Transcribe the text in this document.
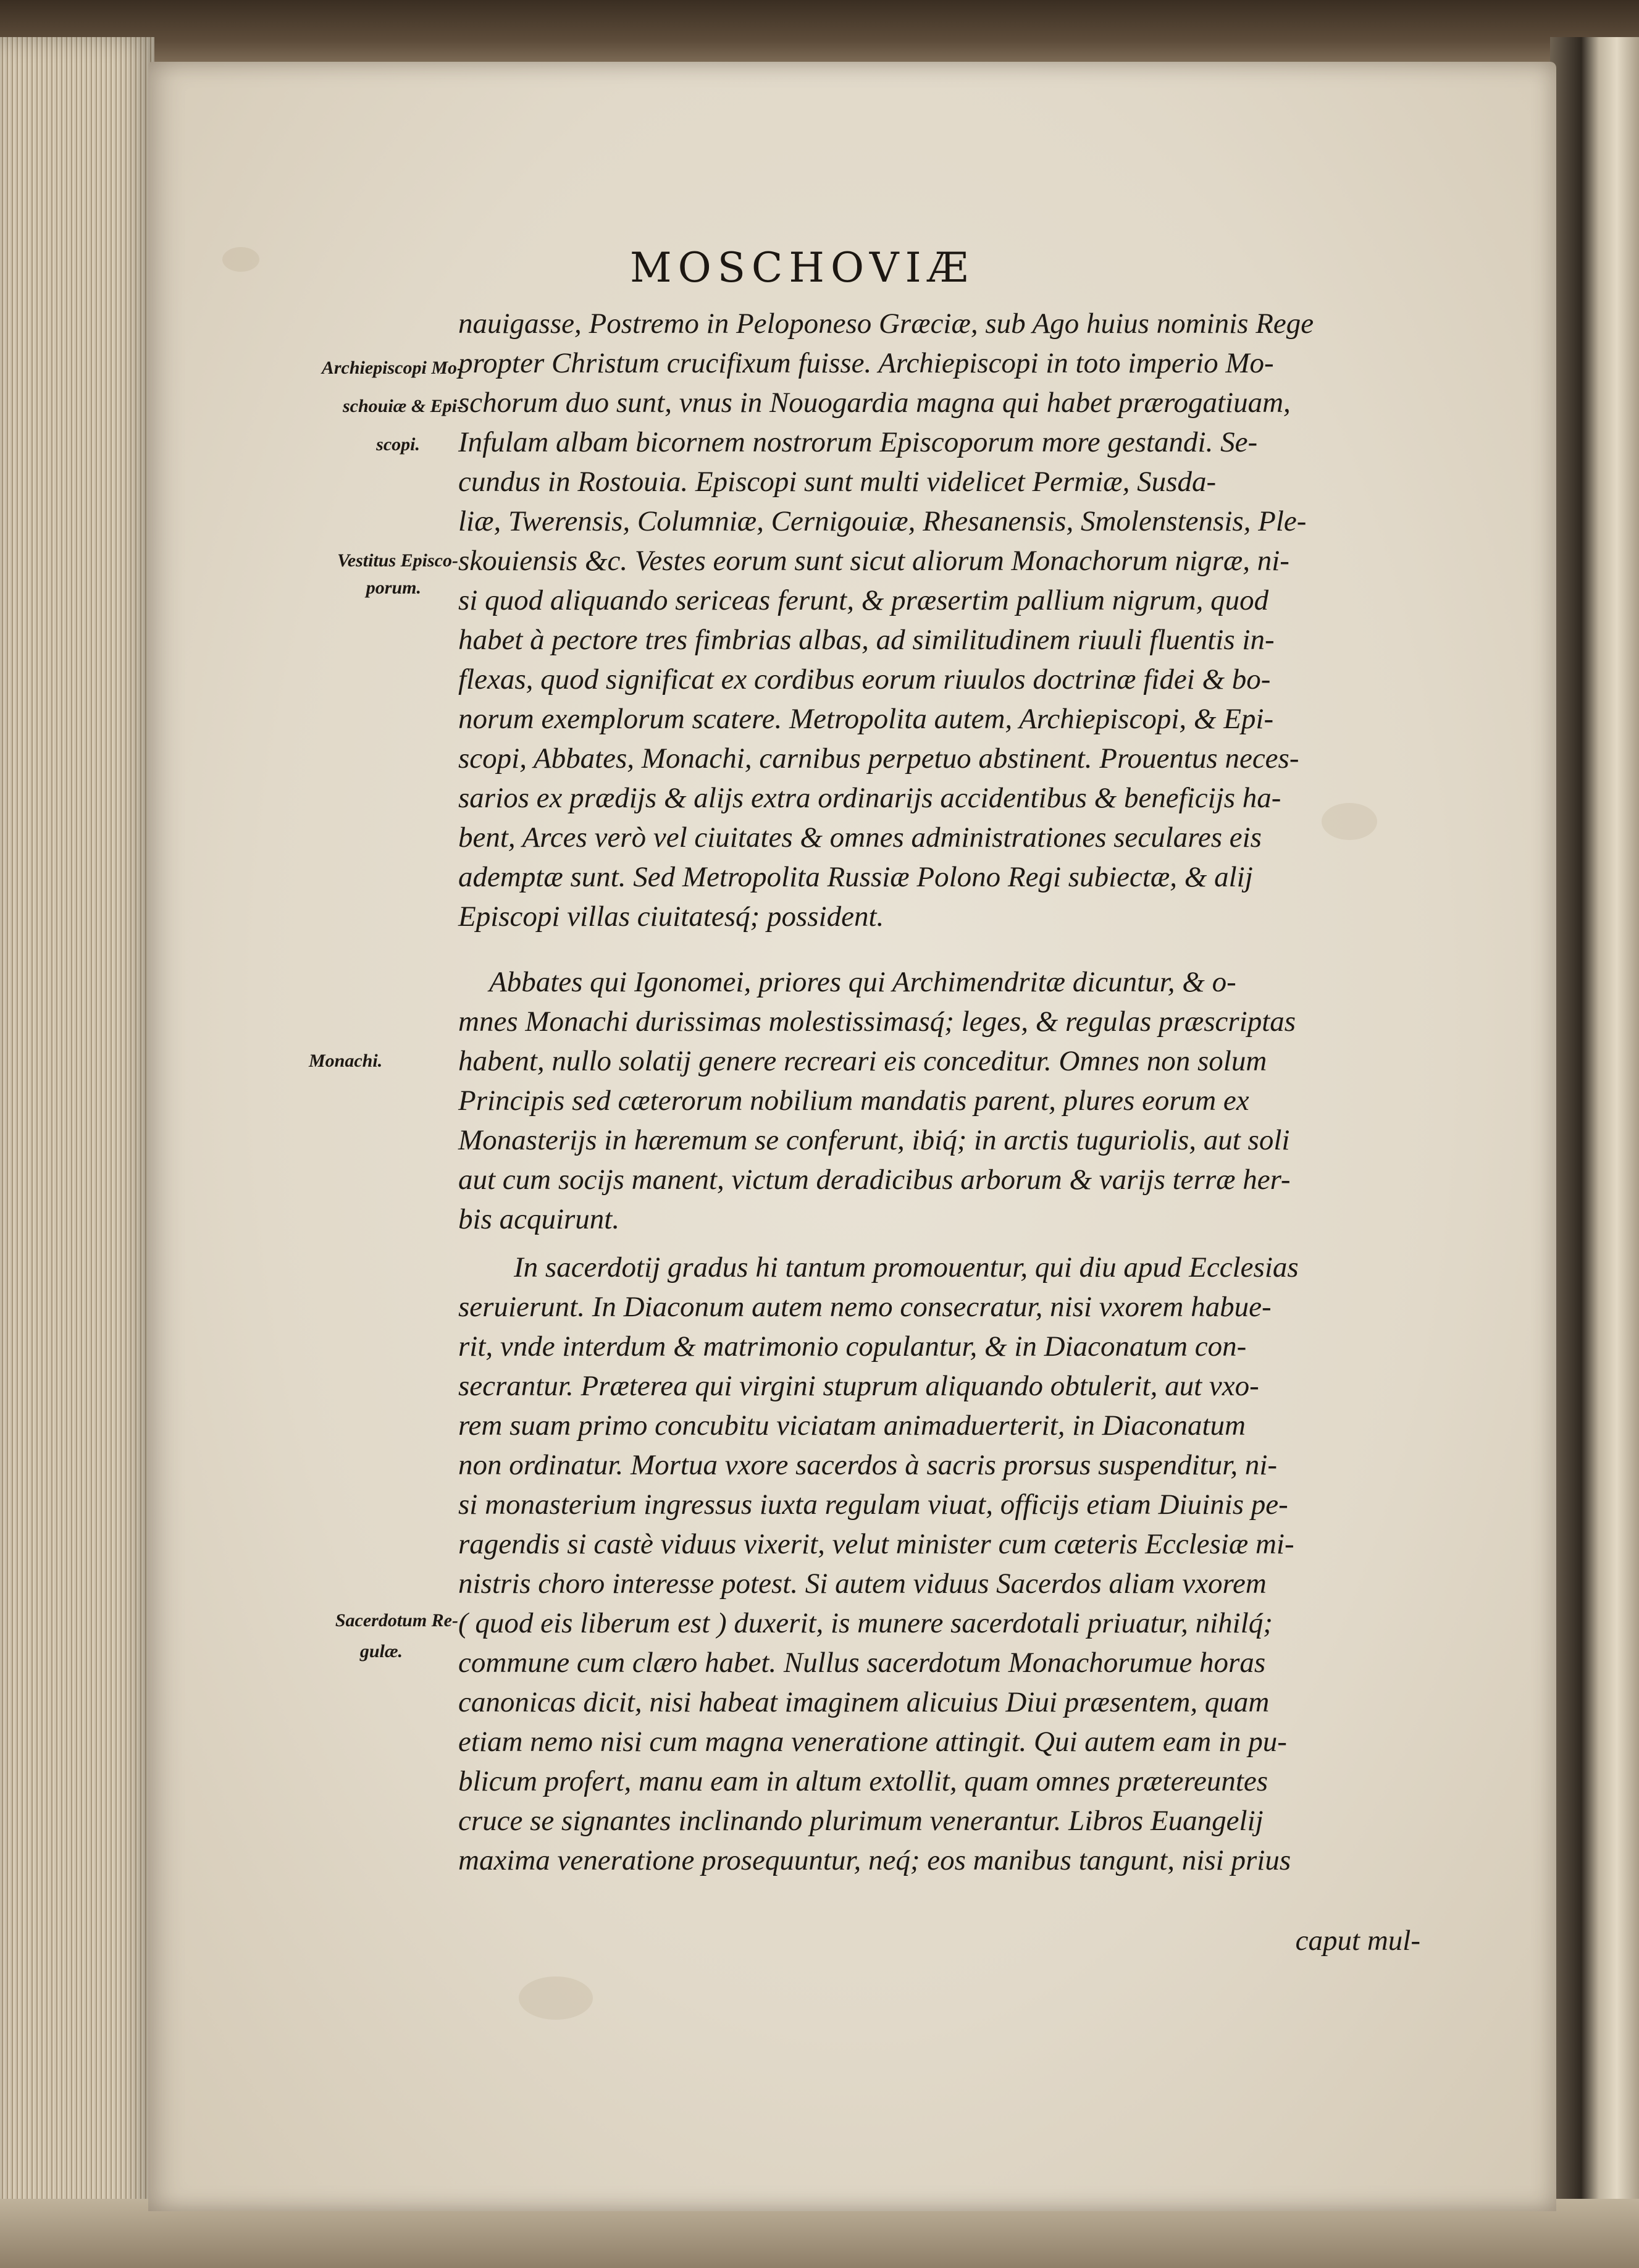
MOSCHOVIÆ
Archiepiscopi Mo-
schouiæ & Epi-
scopi.
Vestitus Episco-
porum.
Monachi.
Sacerdotum Re-
gulæ.
nauigasse, Postremo in Peloponeso Græciæ, sub Ago huius nominis Rege
propter Christum crucifixum fuisse. Archiepiscopi in toto imperio Mo-
schorum duo sunt, vnus in Nouogardia magna qui habet prærogatiuam,
Infulam albam bicornem nostrorum Episcoporum more gestandi. Se-
cundus in Rostouia. Episcopi sunt multi videlicet Permiæ, Susda-
liæ, Twerensis, Columniæ, Cernigouiæ, Rhesanensis, Smolenstensis, Ple-
skouiensis &c. Vestes eorum sunt sicut aliorum Monachorum nigræ, ni-
si quod aliquando sericeas ferunt, & præsertim pallium nigrum, quod
habet à pectore tres fimbrias albas, ad similitudinem riuuli fluentis in-
flexas, quod significat ex cordibus eorum riuulos doctrinæ fidei & bo-
norum exemplorum scatere. Metropolita autem, Archiepiscopi, & Epi-
scopi, Abbates, Monachi, carnibus perpetuo abstinent. Prouentus neces-
sarios ex prædijs & alijs extra ordinarijs accidentibus & beneficijs ha-
bent, Arces verò vel ciuitates & omnes administrationes seculares eis
ademptæ sunt. Sed Metropolita Russiæ Polono Regi subiectæ, & alij
Episcopi villas ciuitatesq́; possident.
Abbates qui Igonomei, priores qui Archimendritæ dicuntur, & o-
mnes Monachi durissimas molestissimasq́; leges, & regulas præscriptas
habent, nullo solatij genere recreari eis conceditur. Omnes non solum
Principis sed cæterorum nobilium mandatis parent, plures eorum ex
Monasterijs in hæremum se conferunt, ibiq́; in arctis tuguriolis, aut soli
aut cum socijs manent, victum deradicibus arborum & varijs terræ her-
bis acquirunt.
In sacerdotij gradus hi tantum promouentur, qui diu apud Ecclesias
seruierunt. In Diaconum autem nemo consecratur, nisi vxorem habue-
rit, vnde interdum & matrimonio copulantur, & in Diaconatum con-
secrantur. Præterea qui virgini stuprum aliquando obtulerit, aut vxo-
rem suam primo concubitu viciatam animaduerterit, in Diaconatum
non ordinatur. Mortua vxore sacerdos à sacris prorsus suspenditur, ni-
si monasterium ingressus iuxta regulam viuat, officijs etiam Diuinis pe-
ragendis si castè viduus vixerit, velut minister cum cæteris Ecclesiæ mi-
nistris choro interesse potest. Si autem viduus Sacerdos aliam vxorem
( quod eis liberum est ) duxerit, is munere sacerdotali priuatur, nihilq́;
commune cum clæro habet. Nullus sacerdotum Monachorumue horas
canonicas dicit, nisi habeat imaginem alicuius Diui præsentem, quam
etiam nemo nisi cum magna veneratione attingit. Qui autem eam in pu-
blicum profert, manu eam in altum extollit, quam omnes prætereuntes
cruce se signantes inclinando plurimum venerantur. Libros Euangelij
maxima veneratione prosequuntur, neq́; eos manibus tangunt, nisi prius
caput mul-
